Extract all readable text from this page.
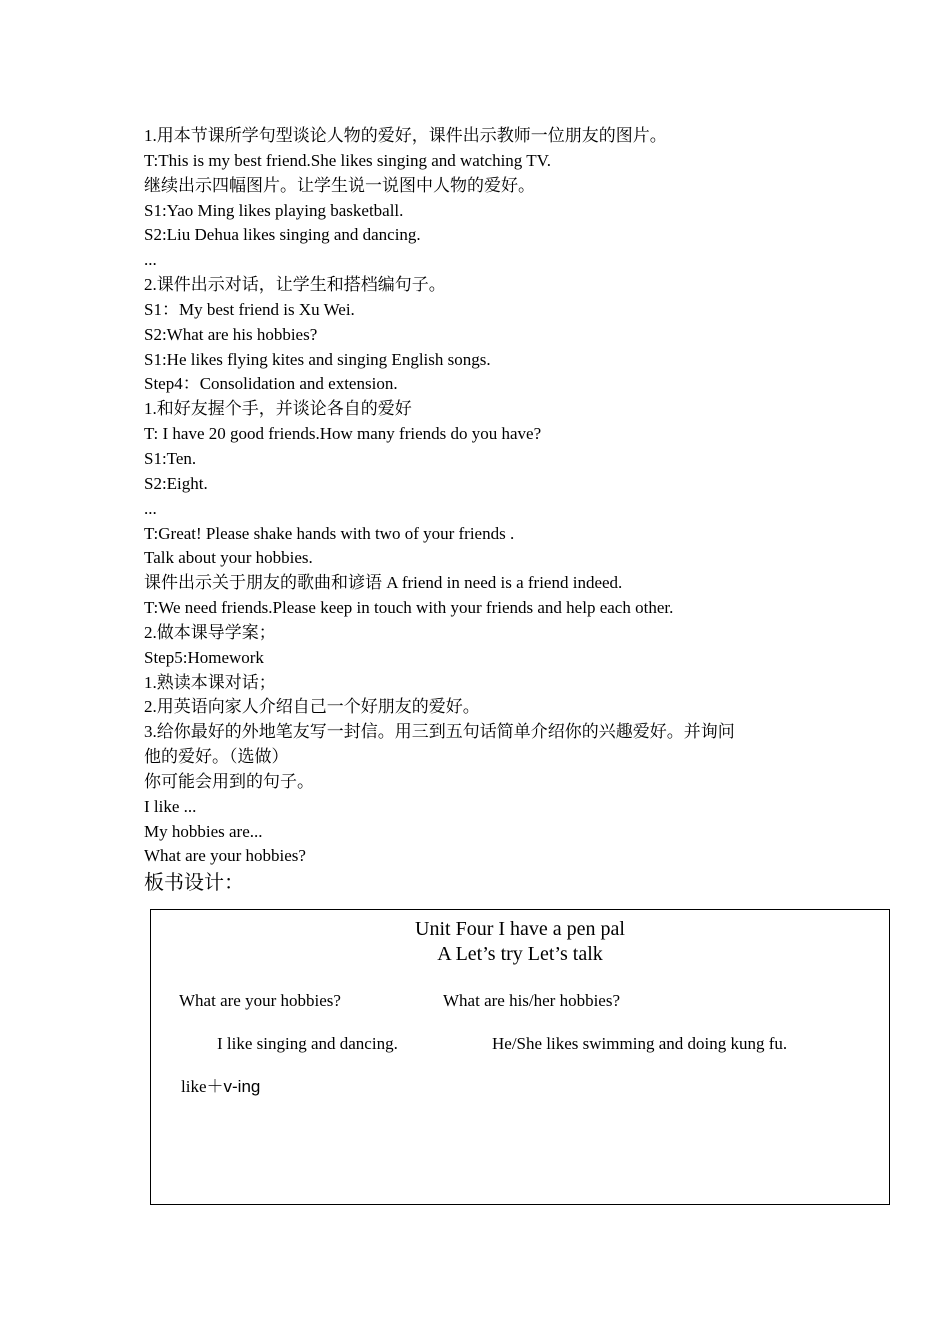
1.用本节课所学句型谈论人物的爱好，课件出示教师一位朋友的图片。
T:This is my best friend.She likes singing and watching TV.
继续出示四幅图片。让学生说一说图中人物的爱好。
S1:Yao Ming likes playing basketball.
S2:Liu Dehua likes singing and dancing.
...
2.课件出示对话，让学生和搭档编句子。
S1：My best friend is Xu Wei.
S2:What are his hobbies?
S1:He likes flying kites and singing English songs.
Step4：Consolidation and extension.
1.和好友握个手，并谈论各自的爱好
T: I have 20 good friends.How many friends do you have?
S1:Ten.
S2:Eight.
...
T:Great! Please shake hands with two of your friends .
Talk about your hobbies.
课件出示关于朋友的歌曲和谚语 A friend in need is a friend indeed.
T:We need friends.Please keep in touch with your friends and help each other.
2.做本课导学案；
Step5:Homework
1.熟读本课对话；
2.用英语向家人介绍自己一个好朋友的爱好。
3.给你最好的外地笔友写一封信。用三到五句话简单介绍你的兴趣爱好。并询问
他的爱好。（选做）
你可能会用到的句子。
I like ...
My hobbies are...
What are your hobbies?
板书设计：
Unit Four I have a pen pal
A Let’s try Let’s talk
What are your hobbies?	What are his/her hobbies?
I like singing and dancing.	He/She likes swimming and doing kung fu.
like＋v-ing
